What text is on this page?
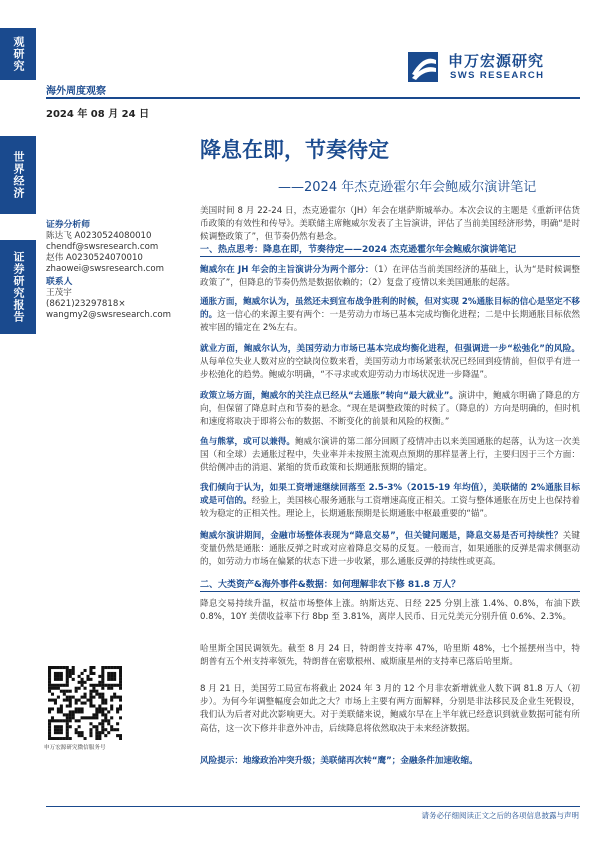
观研究
世界经济
证券研究报告
海外周度观察
2024 年 08 月 24 日
申万宏源研究
SWS RESEARCH
降息在即，节奏待定
——2024 年杰克逊霍尔年会鲍威尔演讲笔记
证券分析师
陈达飞 A0230524080010
chendf@swsresearch.com
赵伟 A0230524070010
zhaowei@swsresearch.com
联系人
王茂宇
(8621)23297818×
wangmy2@swsresearch.com
美国时间 8 月 22-24 日，杰克逊霍尔（JH）年会在堪萨斯城举办。本次会议的主题是《重新评估货币政策的有效性和传导》。美联储主席鲍威尔发表了主旨演讲，评估了当前美国经济形势，明确“是时候调整政策了”，但节奏仍然有悬念。
一、热点思考：降息在即，节奏待定——2024 杰克逊霍尔年会鲍威尔演讲笔记
鲍威尔在 JH 年会的主旨演讲分为两个部分：（1）在评估当前美国经济的基础上，认为“是时候调整政策了”，但降息的节奏仍然是数据依赖的；（2）复盘了疫情以来美国通胀的起落。
通胀方面，鲍威尔认为，虽然还未到宣布战争胜利的时候，但对实现 2%通胀目标的信心是坚定不移的。这一信心的来源主要有两个：一是劳动力市场已基本完成均衡化进程；二是中长期通胀目标依然被牢固的锚定在 2%左右。
就业方面，鲍威尔认为，美国劳动力市场已基本完成均衡化进程，但强调进一步“松弛化”的风险。从每单位失业人数对应的空缺岗位数来看，美国劳动力市场紧张状况已经回到疫情前，但似乎有进一步松弛化的趋势。鲍威尔明确，“不寻求或欢迎劳动力市场状况进一步降温”。
政策立场方面，鲍威尔的关注点已经从“去通胀”转向“最大就业”。演讲中，鲍威尔明确了降息的方向，但保留了降息时点和节奏的悬念。“现在是调整政策的时候了。（降息的）方向是明确的，但时机和速度将取决于即将公布的数据、不断变化的前景和风险的权衡。”
鱼与熊掌，或可以兼得。鲍威尔演讲的第二部分回顾了疫情冲击以来美国通胀的起落，认为这一次美国（和全球）去通胀过程中，失业率并未按照主流观点预期的那样显著上行，主要归因于三个方面：供给侧冲击的消退、紧缩的货币政策和长期通胀预期的锚定。
我们倾向于认为，如果工资增速继续回落至 2.5-3%（2015-19 年均值），美联储的 2%通胀目标或是可信的。经验上，美国核心服务通胀与工资增速高度正相关。工资与整体通胀在历史上也保持着较为稳定的正相关性。理论上，长期通胀预期是长期通胀中枢最重要的“锚”。
鲍威尔演讲期间，金融市场整体表现为“降息交易”，但关键问题是，降息交易是否可持续性？关键变量仍然是通胀：通胀反弹之时或对应着降息交易的反复。一般而言，如果通胀的反弹是需求侧驱动的，如劳动力市场在偏紧的状态下进一步收紧，那么通胀反弹的持续性或更高。
二、大类资产&海外事件&数据：如何理解非农下修 81.8 万人？
降息交易持续升温，权益市场整体上涨。纳斯达克、日经 225 分别上涨 1.4%、0.8%，布油下跌 0.8%，10Y 美债收益率下行 8bp 至 3.81%，离岸人民币、日元兑美元分别升值 0.6%、2.3%。
哈里斯全国民调领先。截至 8 月 24 日，特朗普支持率 47%，哈里斯 48%，七个摇摆州当中，特朗普有五个州支持率领先，特朗普在密歇根州、威斯康星州的支持率已落后哈里斯。
8 月 21 日，美国劳工局宣布将截止 2024 年 3 月的 12 个月非农新增就业人数下调 81.8 万人（初步）。为何今年调整幅度会如此之大？市场上主要有两方面解释，分别是非法移民及企业生死假设，我们认为后者对此次影响更大。对于美联储来说，鲍威尔早在上半年就已经意识到就业数据可能有所高估，这一次下修并非意外冲击，后续降息将依然取决于未来经济数据。
风险提示：地缘政治冲突升级；美联储再次转“鹰”；金融条件加速收缩。
申万宏源研究微信服务号
请务必仔细阅读正文之后的各项信息披露与声明
